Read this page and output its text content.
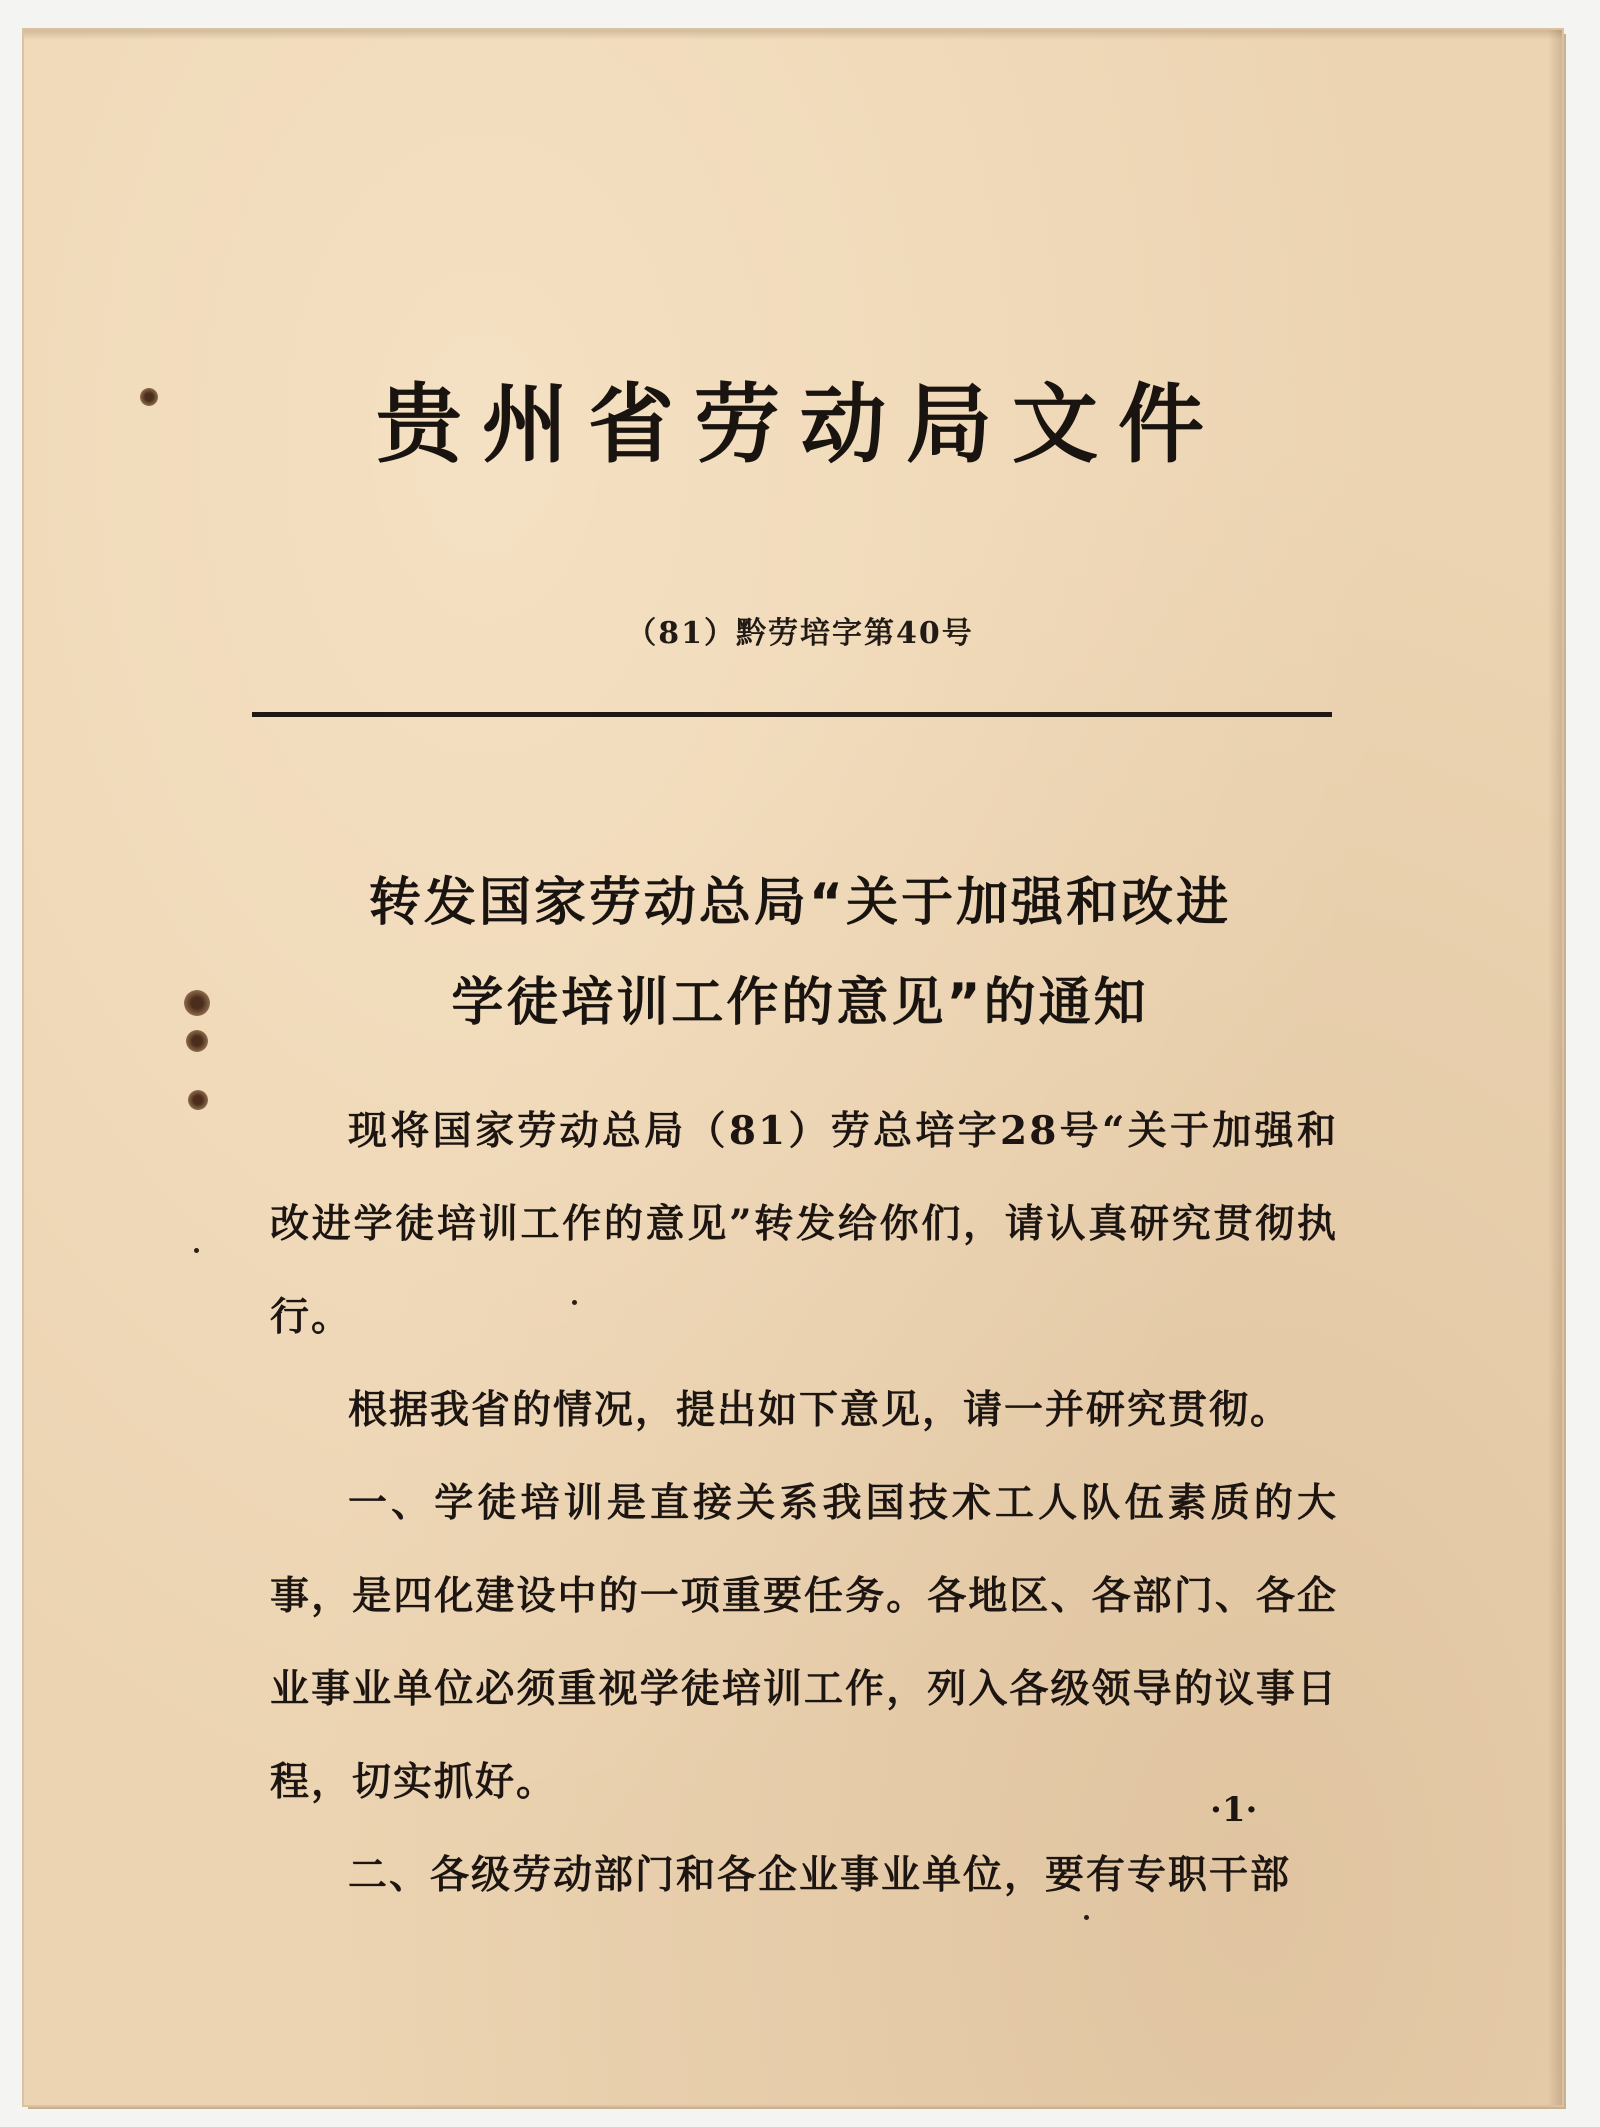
贵州省劳动局文件
（81）黔劳培字第40号
转发国家劳动总局“关于加强和改进
学徒培训工作的意见”的通知

现将国家劳动总局（81）劳总培字28号“关于加强和改进学徒培训工作的意见”转发给你们，请认真研究贯彻执行。

根据我省的情况，提出如下意见，请一并研究贯彻。

一、学徒培训是直接关系我国技术工人队伍素质的大事，是四化建设中的一项重要任务。各地区、各部门、各企业事业单位必须重视学徒培训工作，列入各级领导的议事日程，切实抓好。

二、各级劳动部门和各企业事业单位，要有专职干部

·1·
